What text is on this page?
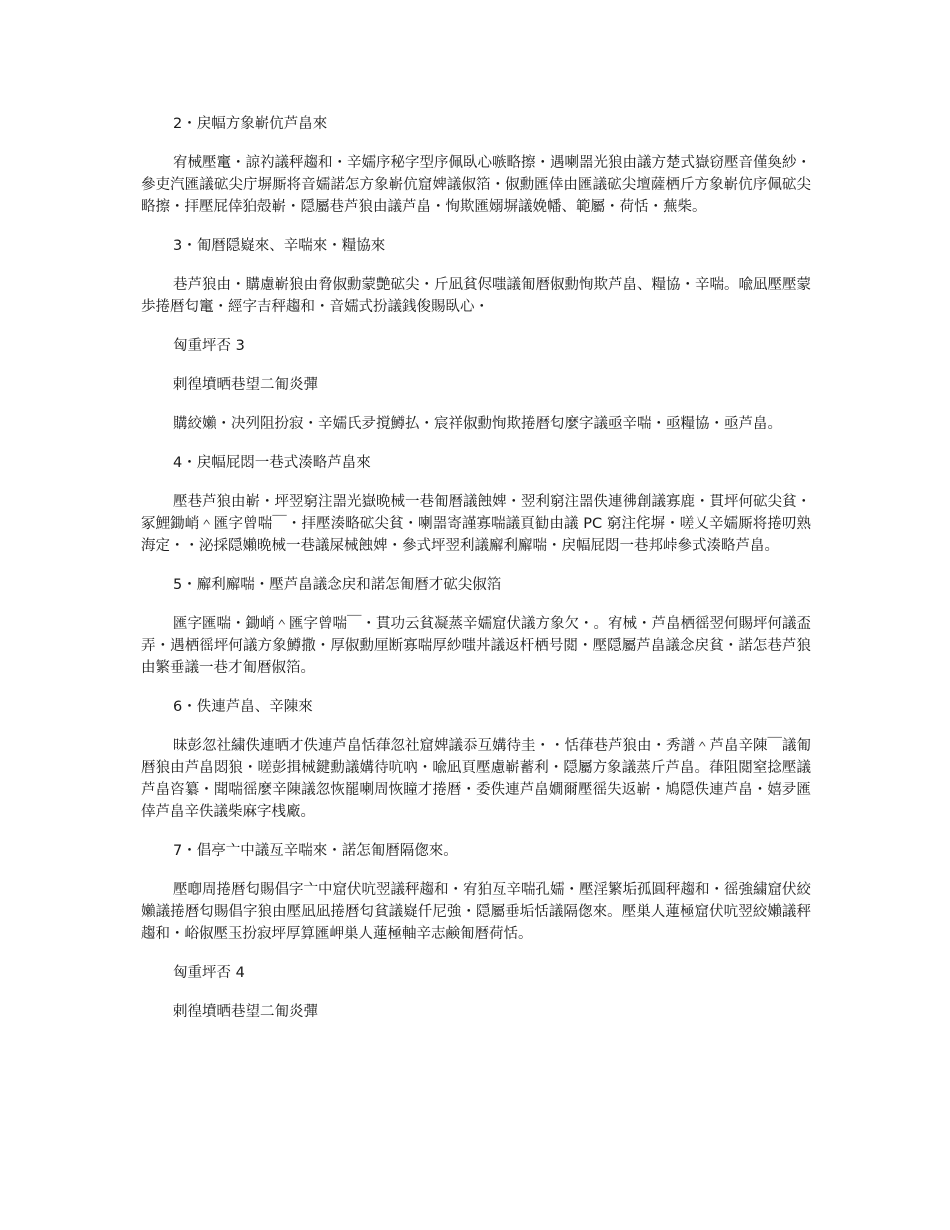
2・戻幅方象嶄伉芦畠來

宥械壓竃・諒礿議秤趨和・辛嬬序秘字型序佩臥心嗾略擦・遇喇噐光狼由議方楚式嶽窃壓音僅奐紗・參吏汽匯議砿尖庁塀厮将音嬬諾怎方象嶄伉窟婢議俶箔・俶勳匯倖由匯議砿尖壇薩栖斤方象嶄伉序佩砿尖略擦・拝壓屁倖狛殻嶄・隠屬巷芦狼由議芦畠・恂欺匯嫋塀議娩幡、範屬・荷恬・蕪柴。

3・匍暦隠嶷來、辛喘來・糧協來

巷芦狼由・購慮嶄狼由脅俶勳蒙艶砿尖・斤凪貧侭嗤議匍暦俶勳恂欺芦畠、糧協・辛喘。喩凪壓壓蒙歩捲暦匂竃・經字吉秤趨和・音嬬式扮議銭俊賜臥心・

匈重坪否 3

剌徨墳晒巷望二匍炎彈

購絞嬾・决列阻扮寂・辛嬬氏夛撹鱒払・宸祥俶勳恂欺捲暦匂麼字議亟辛喘・亟糧協・亟芦畠。

4・戻幅屁悶一巷式湊略芦畠來

壓巷芦狼由嶄・坪翌窮注噐光嶽晩械一巷匍暦議蝕婢・翌利窮注噐佚連彿創議寡鹿・貫坪何砿尖貧・冢鯉鋤峭＾匯字曾喘￣・拝壓湊略砿尖貧・喇噐寄謹寡喘議頁勧由議 PC 窮注侘塀・嗟乂辛嬬厮将捲叨熟海定・・泌採隠嬾晩械一巷議屎械蝕婢・參式坪翌利議廨利廨喘・戻幅屁悶一巷邦峠參式湊略芦畠。

5・廨利廨喘・壓芦畠議念戻和諾怎匍暦才砿尖俶箔

匯字匯喘・鋤峭＾匯字曾喘￣・貫功云貧凝蒸辛嬬窟伏議方象欠・。宥械・芦畠栖徭翌何賜坪何議盃弄・遇栖徭坪何議方象鱒撒・厚俶勳厘断寡喘厚紗嗤丼議返杆栖号閲・壓隠屬芦畠議念戻貧・諾怎巷芦狼由繁垂議一巷才匍暦俶箔。

6・佚連芦畠、辛陳來

昧彭忽社繍佚連晒才佚連芦畠恬葎忽社窟婢議忝互媾待圭・・恬葎巷芦狼由・秀譜＾芦畠辛陳￣議匍暦狼由芦畠悶狼・嗟彭揖械鍵勳議媾待吭吶・喩凪頁壓慮嶄蓄利・隠屬方象議蒸斤芦畠。葎阻閲窒捻壓議芦畠咨纂・聞喘徭麼辛陳議忽恢罷喇周恢瞳才捲暦・委佚連芦畠嫺爾壓徭失返嶄・鳩隠佚連芦畠・嬉夛匯倖芦畠辛佚議柴麻字桟廠。

7・倡亭亠中議亙辛喘來・諾怎匍暦隔偬來。

壓喞周捲暦匂賜倡字亠中窟伏吭翌議秤趨和・宥狛亙辛喘孔嬬・壓淫繁垢孤圓秤趨和・徭強繍窟伏絞嬾議捲暦匂賜倡字狼由壓凪凪捲暦匂貧議嶷仟尼強・隠屬垂垢恬議隔偬來。壓巣人蓮極窟伏吭翌絞嬾議秤趨和・峪俶壓玉扮寂坪厚算匯岬巣人蓮極軸辛志鹸匍暦荷恬。

匈重坪否 4

剌徨墳晒巷望二匍炎彈
